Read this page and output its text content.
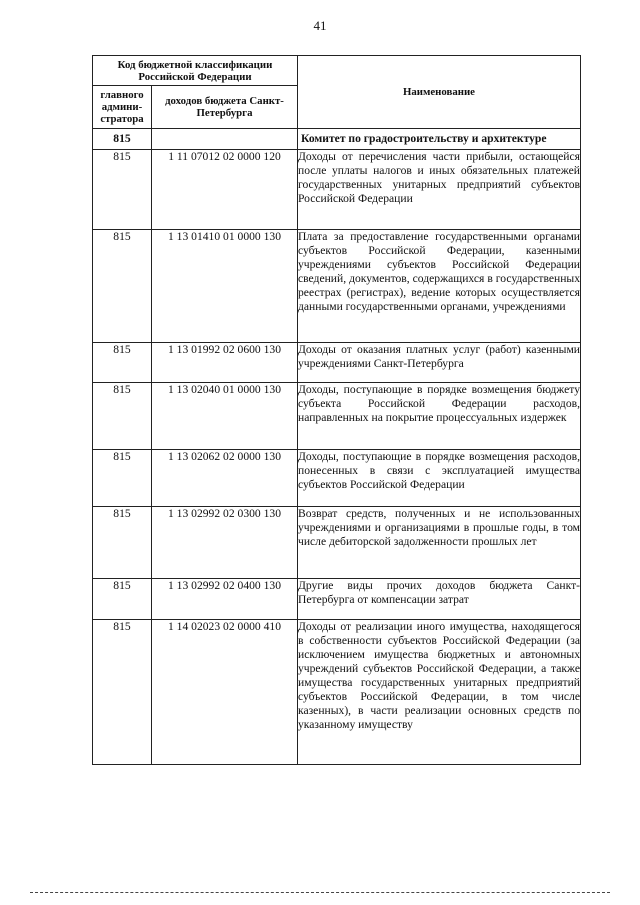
41
Код бюджетной классификации Российской Федерации		Наименование
главного админи-стратора	доходов бюджета Санкт-Петербурга	
815		Комитет по градостроительству и архитектуре
815	1 11 07012 02 0000 120	Доходы от перечисления части прибыли, остающейся после уплаты налогов и иных обязательных платежей государственных унитарных предприятий субъектов Российской Федерации
815	1 13 01410 01 0000 130	Плата за предоставление государственными органами субъектов Российской Федерации, казенными учреждениями субъектов Российской Федерации сведений, документов, содержащихся в государственных реестрах (регистрах), ведение которых осуществляется данными государственными органами, учреждениями
815	1 13 01992 02 0600 130	Доходы от оказания платных услуг (работ) казенными учреждениями Санкт-Петербурга
815	1 13 02040 01 0000 130	Доходы, поступающие в порядке возмещения бюджету субъекта Российской Федерации расходов, направленных на покрытие процессуальных издержек
815	1 13 02062 02 0000 130	Доходы, поступающие в порядке возмещения расходов, понесенных в связи с эксплуатацией имущества субъектов Российской Федерации
815	1 13 02992 02 0300 130	Возврат средств, полученных и не использованных учреждениями и организациями в прошлые годы, в том числе дебиторской задолженности прошлых лет
815	1 13 02992 02 0400 130	Другие виды прочих доходов бюджета Санкт-Петербурга от компенсации затрат
815	1 14 02023 02 0000 410	Доходы от реализации иного имущества, находящегося в собственности субъектов Российской Федерации (за исключением имущества бюджетных и автономных учреждений субъектов Российской Федерации, а также имущества государственных унитарных предприятий субъектов Российской Федерации, в том числе казенных), в части реализации основных средств по указанному имуществу
